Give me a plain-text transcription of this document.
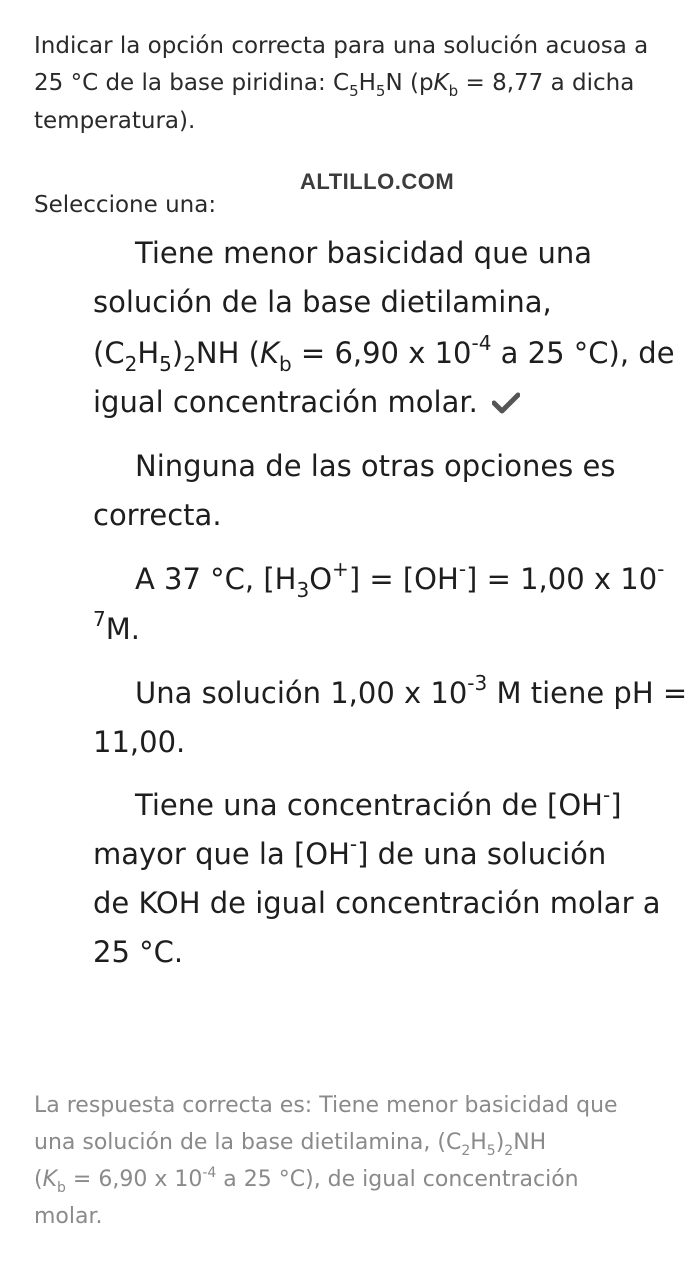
Indicar la opción correcta para una solución acuosa a
25 °C de la base piridina: $C_5H_5N$ ($pK_b = 8,77$ a dicha
temperatura).
ALTILLO.COM
Seleccione una:
Tiene menor basicidad que una
solución de la base dietilamina,
$(C_2H_5)_2NH$ ($K_b = 6,90$ x $10^{-4}$ a 25 °C), de
igual concentración molar.
Ninguna de las otras opciones es
correcta.
A 37 °C, $[H_3O^+] = [OH^-] = 1,00$ x 10-
$^7$M.
Una solución 1,00 x $10^{-3}$ M tiene pH =
11,00.
Tiene una concentración de [OH-]
mayor que la [OH-] de una solución
de KOH de igual concentración molar a
25 °C.
La respuesta correcta es: Tiene menor basicidad que
una solución de la base dietilamina, $(C_2H_5)_2NH$
($K_b = 6,90$ x $10^{-4}$ a 25 °C), de igual concentración
molar.
